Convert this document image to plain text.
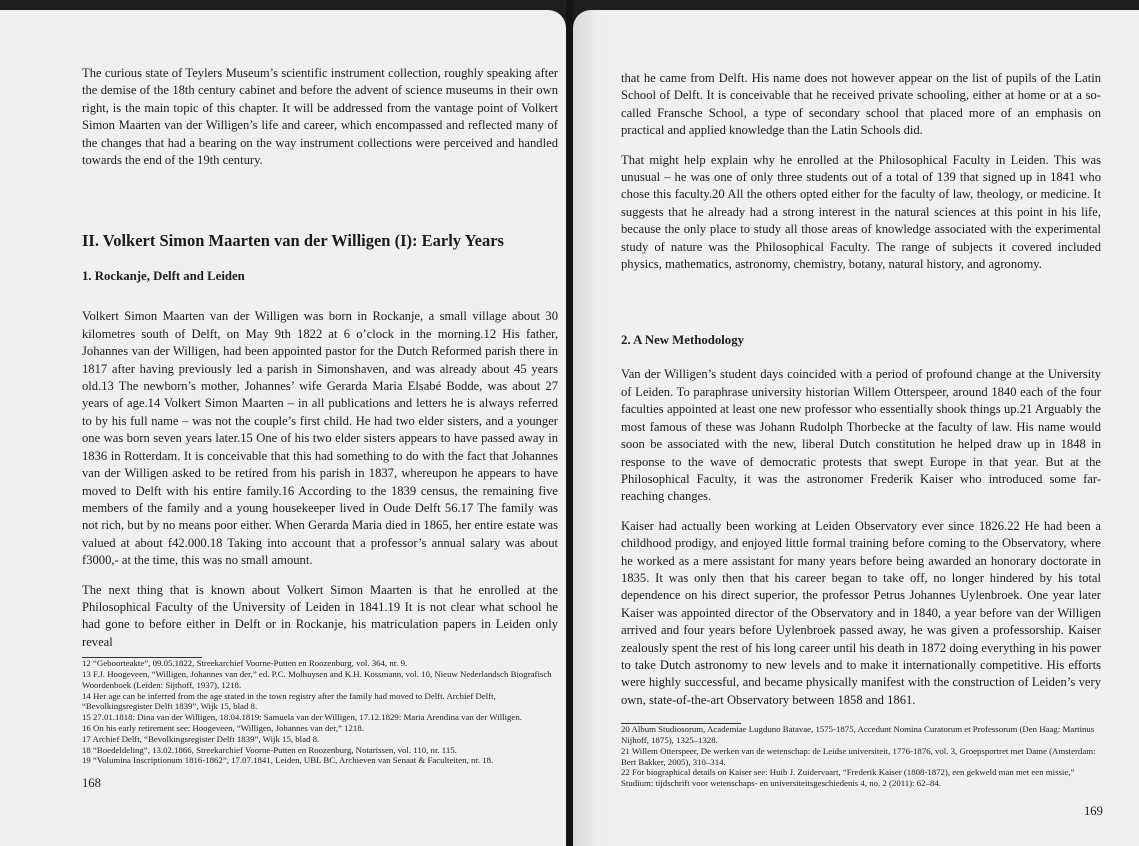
The curious state of Teylers Museum’s scientific instrument collection, roughly speaking after the demise of the 18th century cabinet and before the advent of science museums in their own right, is the main topic of this chapter. It will be addressed from the vantage point of Volkert Simon Maarten van der Willigen’s life and career, which encompassed and reflected many of the changes that had a bearing on the way instrument collections were perceived and handled towards the end of the 19th century.

II. Volkert Simon Maarten van der Willigen (I): Early Years
1. Rockanje, Delft and Leiden

Volkert Simon Maarten van der Willigen was born in Rockanje, a small village about 30 kilometres south of Delft, on May 9th 1822 at 6 o’clock in the morning.12 His father, Johannes van der Willigen, had been appointed pastor for the Dutch Reformed parish there in 1817 after having previously led a parish in Simonshaven, and was already about 45 years old.13 The newborn’s mother, Johannes’ wife Gerarda Maria Elsabé Bodde, was about 27 years of age.14 Volkert Simon Maarten – in all publications and letters he is always referred to by his full name – was not the couple’s first child. He had two elder sisters, and a younger one was born seven years later.15 One of his two elder sisters appears to have passed away in 1836 in Rotterdam. It is conceivable that this had something to do with the fact that Johannes van der Willigen asked to be retired from his parish in 1837, whereupon he appears to have moved to Delft with his entire family.16 According to the 1839 census, the remaining five members of the family and a young housekeeper lived in Oude Delft 56.17 The family was not rich, but by no means poor either. When Gerarda Maria died in 1865, her entire estate was valued at about f42.000.18 Taking into account that a professor’s annual salary was about f3000,- at the time, this was no small amount.

The next thing that is known about Volkert Simon Maarten is that he enrolled at the Philosophical Faculty of the University of Leiden in 1841.19 It is not clear what school he had gone to before either in Delft or in Rockanje, his matriculation papers in Leiden only reveal

12 “Geboorteakte”, 09.05.1822, Streekarchief Voorne-Putten en Roozenburg, vol. 364, nr. 9.

13 F.J. Hoogeveen, “Willigen, Johannes van der,” ed. P.C. Molhuysen and K.H. Kossmann, vol. 10, Nieuw Nederlandsch Biografisch Woordenboek (Leiden: Sijthoff, 1937), 1218.

14 Her age can be inferred from the age stated in the town registry after the family had moved to Delft. Archief Delft, “Bevolkingsregister Delft 1839”, Wijk 15, blad 8.

15 27.01.1818: Dina van der Willigen, 18.04.1819: Samuela van der Willigen, 17.12.1829: Maria Arendina van der Willigen.

16 On his early retirement see: Hoogeveen, “Willigen, Johannes van der,” 1218.

17 Archief Delft, “Bevolkingsregister Delft 1839”, Wijk 15, blad 8.

18 “Boedeldeling”, 13.02.1866, Streekarchief Voorne-Putten en Roozenburg, Notarissen, vol. 110, nr. 115.

19 “Volumina Inscriptionum 1816-1862”, 17.07.1841, Leiden, UBL BC, Archieven van Senaat & Faculteiten, nr. 18.

168

that he came from Delft. His name does not however appear on the list of pupils of the Latin School of Delft. It is conceivable that he received private schooling, either at home or at a so-called Fransche School, a type of secondary school that placed more of an emphasis on practical and applied knowledge than the Latin Schools did.

That might help explain why he enrolled at the Philosophical Faculty in Leiden. This was unusual – he was one of only three students out of a total of 139 that signed up in 1841 who chose this faculty.20 All the others opted either for the faculty of law, theology, or medicine. It suggests that he already had a strong interest in the natural sciences at this point in his life, because the only place to study all those areas of knowledge associated with the experimental study of nature was the Philosophical Faculty. The range of subjects it covered included physics, mathematics, astronomy, chemistry, botany, natural history, and agronomy.

2. A New Methodology

Van der Willigen’s student days coincided with a period of profound change at the University of Leiden. To paraphrase university historian Willem Otterspeer, around 1840 each of the four faculties appointed at least one new professor who essentially shook things up.21 Arguably the most famous of these was Johann Rudolph Thorbecke at the faculty of law. His name would soon be associated with the new, liberal Dutch constitution he helped draw up in 1848 in response to the wave of democratic protests that swept Europe in that year. But at the Philosophical Faculty, it was the astronomer Frederik Kaiser who introduced some far-reaching changes.

Kaiser had actually been working at Leiden Observatory ever since 1826.22 He had been a childhood prodigy, and enjoyed little formal training before coming to the Observatory, where he worked as a mere assistant for many years before being awarded an honorary doctorate in 1835. It was only then that his career began to take off, no longer hindered by his total dependence on his direct superior, the professor Petrus Johannes Uylenbroek. One year later Kaiser was appointed director of the Observatory and in 1840, a year before van der Willigen arrived and four years before Uylenbroek passed away, he was given a professorship. Kaiser zealously spent the rest of his long career until his death in 1872 doing everything in his power to take Dutch astronomy to new levels and to make it internationally competitive. His efforts were highly successful, and became physically manifest with the construction of Leiden’s very own, state-of-the-art Observatory between 1858 and 1861.

20 Album Studiosorum, Academiae Lugduno Batavae, 1575-1875, Accedunt Nomina Curatorum et Professorum (Den Haag: Martinus Nijhoff, 1875), 1325–1328.

21 Willem Otterspeer, De werken van de wetenschap: de Leidse universiteit, 1776-1876, vol. 3, Groepsportret met Dame (Amsterdam: Bert Bakker, 2005), 310–314.

22 For biographical details on Kaiser see: Huib J. Zuidervaart, “Frederik Kaiser (1808-1872), een gekweld man met een missie,” Studium: tijdschrift voor wetenschaps- en universiteitsgeschiedenis 4, no. 2 (2011): 62–84.

169
